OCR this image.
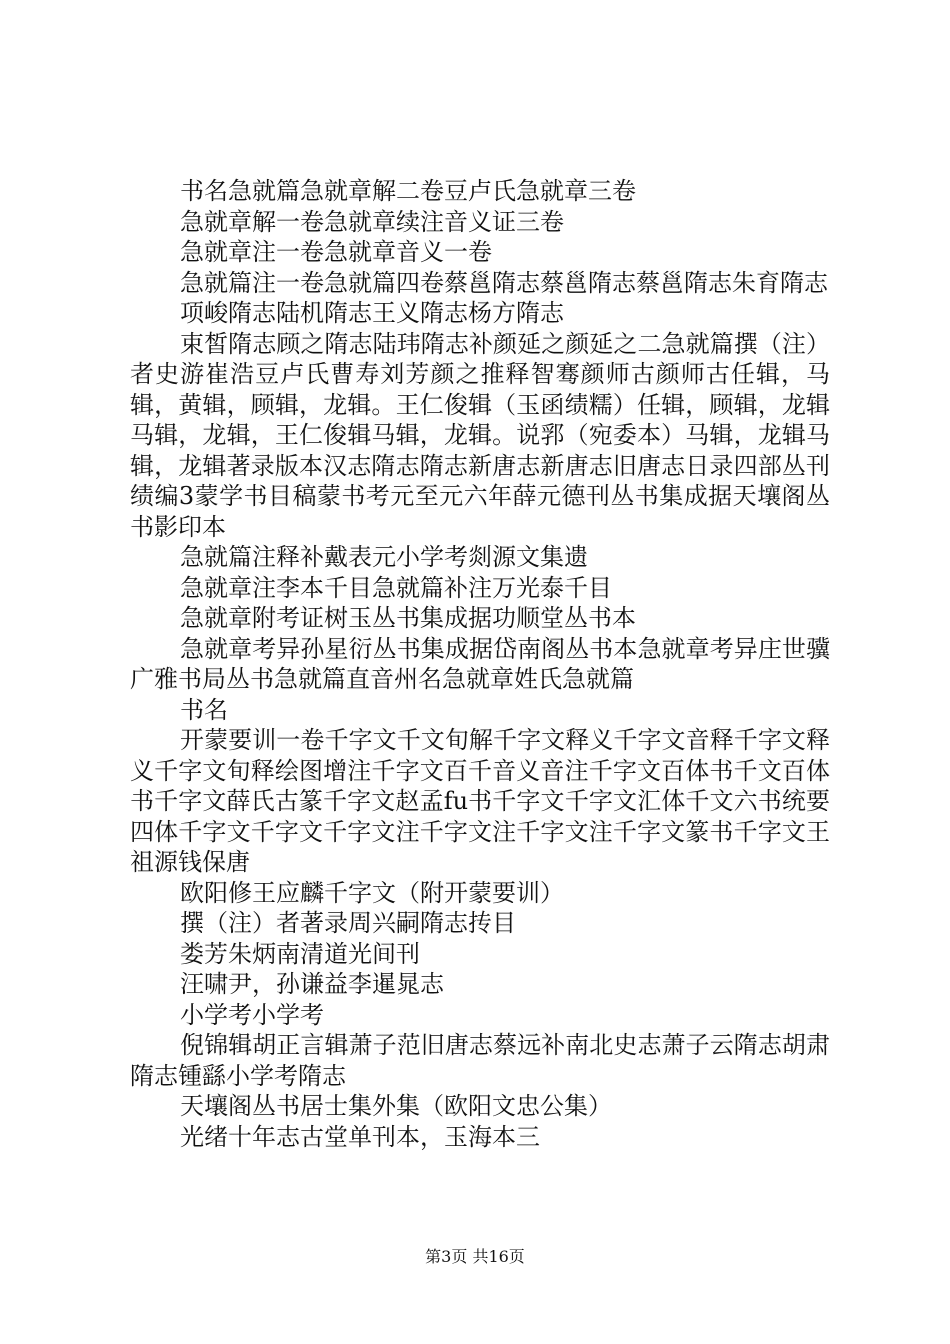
书名急就篇急就章解二卷豆卢氏急就章三卷

急就章解一卷急就章续注音义证三卷

急就章注一卷急就章音义一卷

急就篇注一卷急就篇四卷蔡邕隋志蔡邕隋志蔡邕隋志朱育隋志

项峻隋志陆机隋志王义隋志杨方隋志

束皙隋志顾之隋志陆玮隋志补颜延之颜延之二急就篇撰（注）者史游崔浩豆卢氏曹寿刘芳颜之推释智骞颜师古颜师古任辑，马辑，黄辑，顾辑，龙辑。王仁俊辑（玉函绩糯）任辑，顾辑，龙辑马辑，龙辑，王仁俊辑马辑，龙辑。说郛（宛委本）马辑，龙辑马辑，龙辑著录版本汉志隋志隋志新唐志新唐志旧唐志日录四部丛刊绩编3蒙学书目稿蒙书考元至元六年薛元德刊丛书集成据天壤阁丛书影印本

急就篇注释补戴表元小学考剡源文集遗

急就章注李本千目急就篇补注万光泰千目

急就章附考证树玉丛书集成据功顺堂丛书本

急就章考异孙星衍丛书集成据岱南阁丛书本急就章考异庄世骥广雅书局丛书急就篇直音州名急就章姓氏急就篇

书名

开蒙要训一卷千字文千文旬解千字文释义千字文音释千字文释义千字文旬释绘图增注千字文百千音义音注千字文百体书千文百体书千字文薛氏古篆千字文赵孟fu书千字文千字文汇体千文六书统要四体千字文千字文千字文注千字文注千字文注千字文篆书千字文王祖源钱保唐

欧阳修王应麟千字文（附开蒙要训）

撰（注）者著录周兴嗣隋志抟目

娄芳朱炳南清道光间刊

汪啸尹，孙谦益李暹晁志

小学考小学考

倪锦辑胡正言辑萧子范旧唐志蔡远补南北史志萧子云隋志胡肃隋志锺繇小学考隋志

天壤阁丛书居士集外集（欧阳文忠公集）

光绪十年志古堂单刊本，玉海本三

第3页 共16页
